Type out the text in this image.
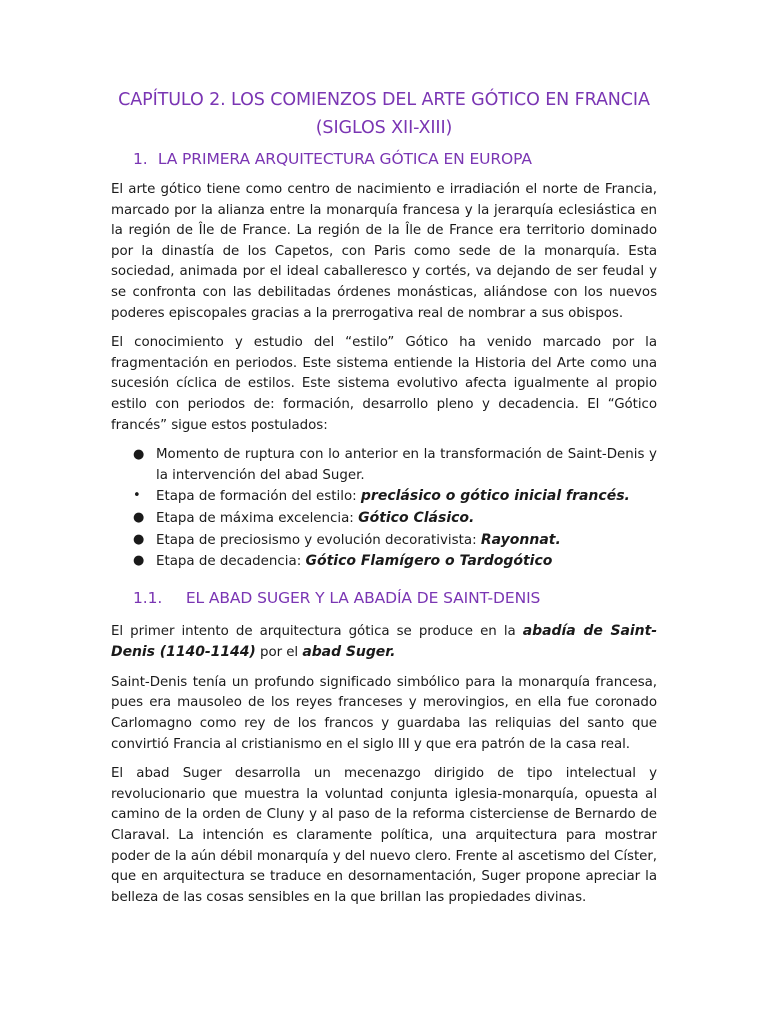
CAPÍTULO 2. LOS COMIENZOS DEL ARTE GÓTICO EN FRANCIA
(SIGLOS XII-XIII)
1. LA PRIMERA ARQUITECTURA GÓTICA EN EUROPA

El arte gótico tiene como centro de nacimiento e irradiación el norte de Francia, marcado por la alianza entre la monarquía francesa y la jerarquía eclesiástica en la región de Île de France. La región de la Île de France era territorio dominado por la dinastía de los Capetos, con Paris como sede de la monarquía. Esta sociedad, animada por el ideal caballeresco y cortés, va dejando de ser feudal y se confronta con las debilitadas órdenes monásticas, aliándose con los nuevos poderes episcopales gracias a la prerrogativa real de nombrar a sus obispos.

El conocimiento y estudio del “estilo” Gótico ha venido marcado por la fragmentación en periodos. Este sistema entiende la Historia del Arte como una sucesión cíclica de estilos. Este sistema evolutivo afecta igualmente al propio estilo con periodos de: formación, desarrollo pleno y decadencia. El “Gótico francés” sigue estos postulados:

● Momento de ruptura con lo anterior en la transformación de Saint-Denis y la intervención del abad Suger.
• Etapa de formación del estilo: preclásico o gótico inicial francés.
● Etapa de máxima excelencia: Gótico Clásico.
● Etapa de preciosismo y evolución decorativista: Rayonnat.
● Etapa de decadencia: Gótico Flamígero o Tardogótico
1.1. EL ABAD SUGER Y LA ABADÍA DE SAINT-DENIS

El primer intento de arquitectura gótica se produce en la abadía de Saint-Denis (1140-1144) por el abad Suger.

Saint-Denis tenía un profundo significado simbólico para la monarquía francesa, pues era mausoleo de los reyes franceses y merovingios, en ella fue coronado Carlomagno como rey de los francos y guardaba las reliquias del santo que convirtió Francia al cristianismo en el siglo III y que era patrón de la casa real.

El abad Suger desarrolla un mecenazgo dirigido de tipo intelectual y revolucionario que muestra la voluntad conjunta iglesia-monarquía, opuesta al camino de la orden de Cluny y al paso de la reforma cisterciense de Bernardo de Claraval. La intención es claramente política, una arquitectura para mostrar poder de la aún débil monarquía y del nuevo clero. Frente al ascetismo del Císter, que en arquitectura se traduce en desornamentación, Suger propone apreciar la belleza de las cosas sensibles en la que brillan las propiedades divinas.
